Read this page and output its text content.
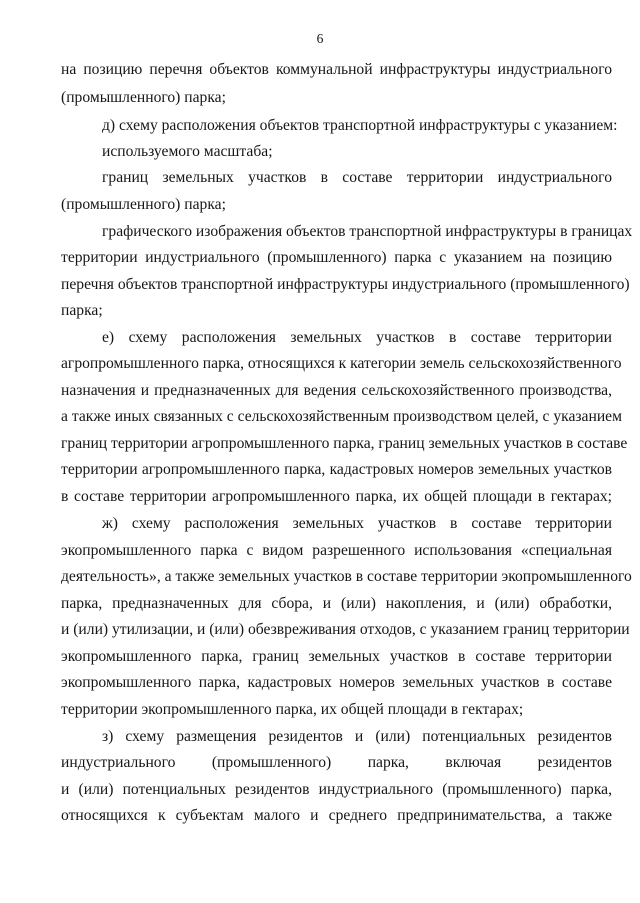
6
на позицию перечня объектов коммунальной инфраструктуры индустриального
(промышленного) парка;
д) схему расположения объектов транспортной инфраструктуры с указанием:
используемого масштаба;
границ земельных участков в составе территории индустриального
(промышленного) парка;
графического изображения объектов транспортной инфраструктуры в границах
территории индустриального (промышленного) парка с указанием на позицию
перечня объектов транспортной инфраструктуры индустриального (промышленного)
парка;
е) схему расположения земельных участков в составе территории
агропромышленного парка, относящихся к категории земель сельскохозяйственного
назначения и предназначенных для ведения сельскохозяйственного производства,
а также иных связанных с сельскохозяйственным производством целей, с указанием
границ территории агропромышленного парка, границ земельных участков в составе
территории агропромышленного парка, кадастровых номеров земельных участков
в составе территории агропромышленного парка, их общей площади в гектарах;
ж) схему расположения земельных участков в составе территории
экопромышленного парка с видом разрешенного использования «специальная
деятельность», а также земельных участков в составе территории экопромышленного
парка, предназначенных для сбора, и (или) накопления, и (или) обработки,
и (или) утилизации, и (или) обезвреживания отходов, с указанием границ территории
экопромышленного парка, границ земельных участков в составе территории
экопромышленного парка, кадастровых номеров земельных участков в составе
территории экопромышленного парка, их общей площади в гектарах;
з) схему размещения резидентов и (или) потенциальных резидентов
индустриального (промышленного) парка, включая резидентов
и (или) потенциальных резидентов индустриального (промышленного) парка,
относящихся к субъектам малого и среднего предпринимательства, а также
